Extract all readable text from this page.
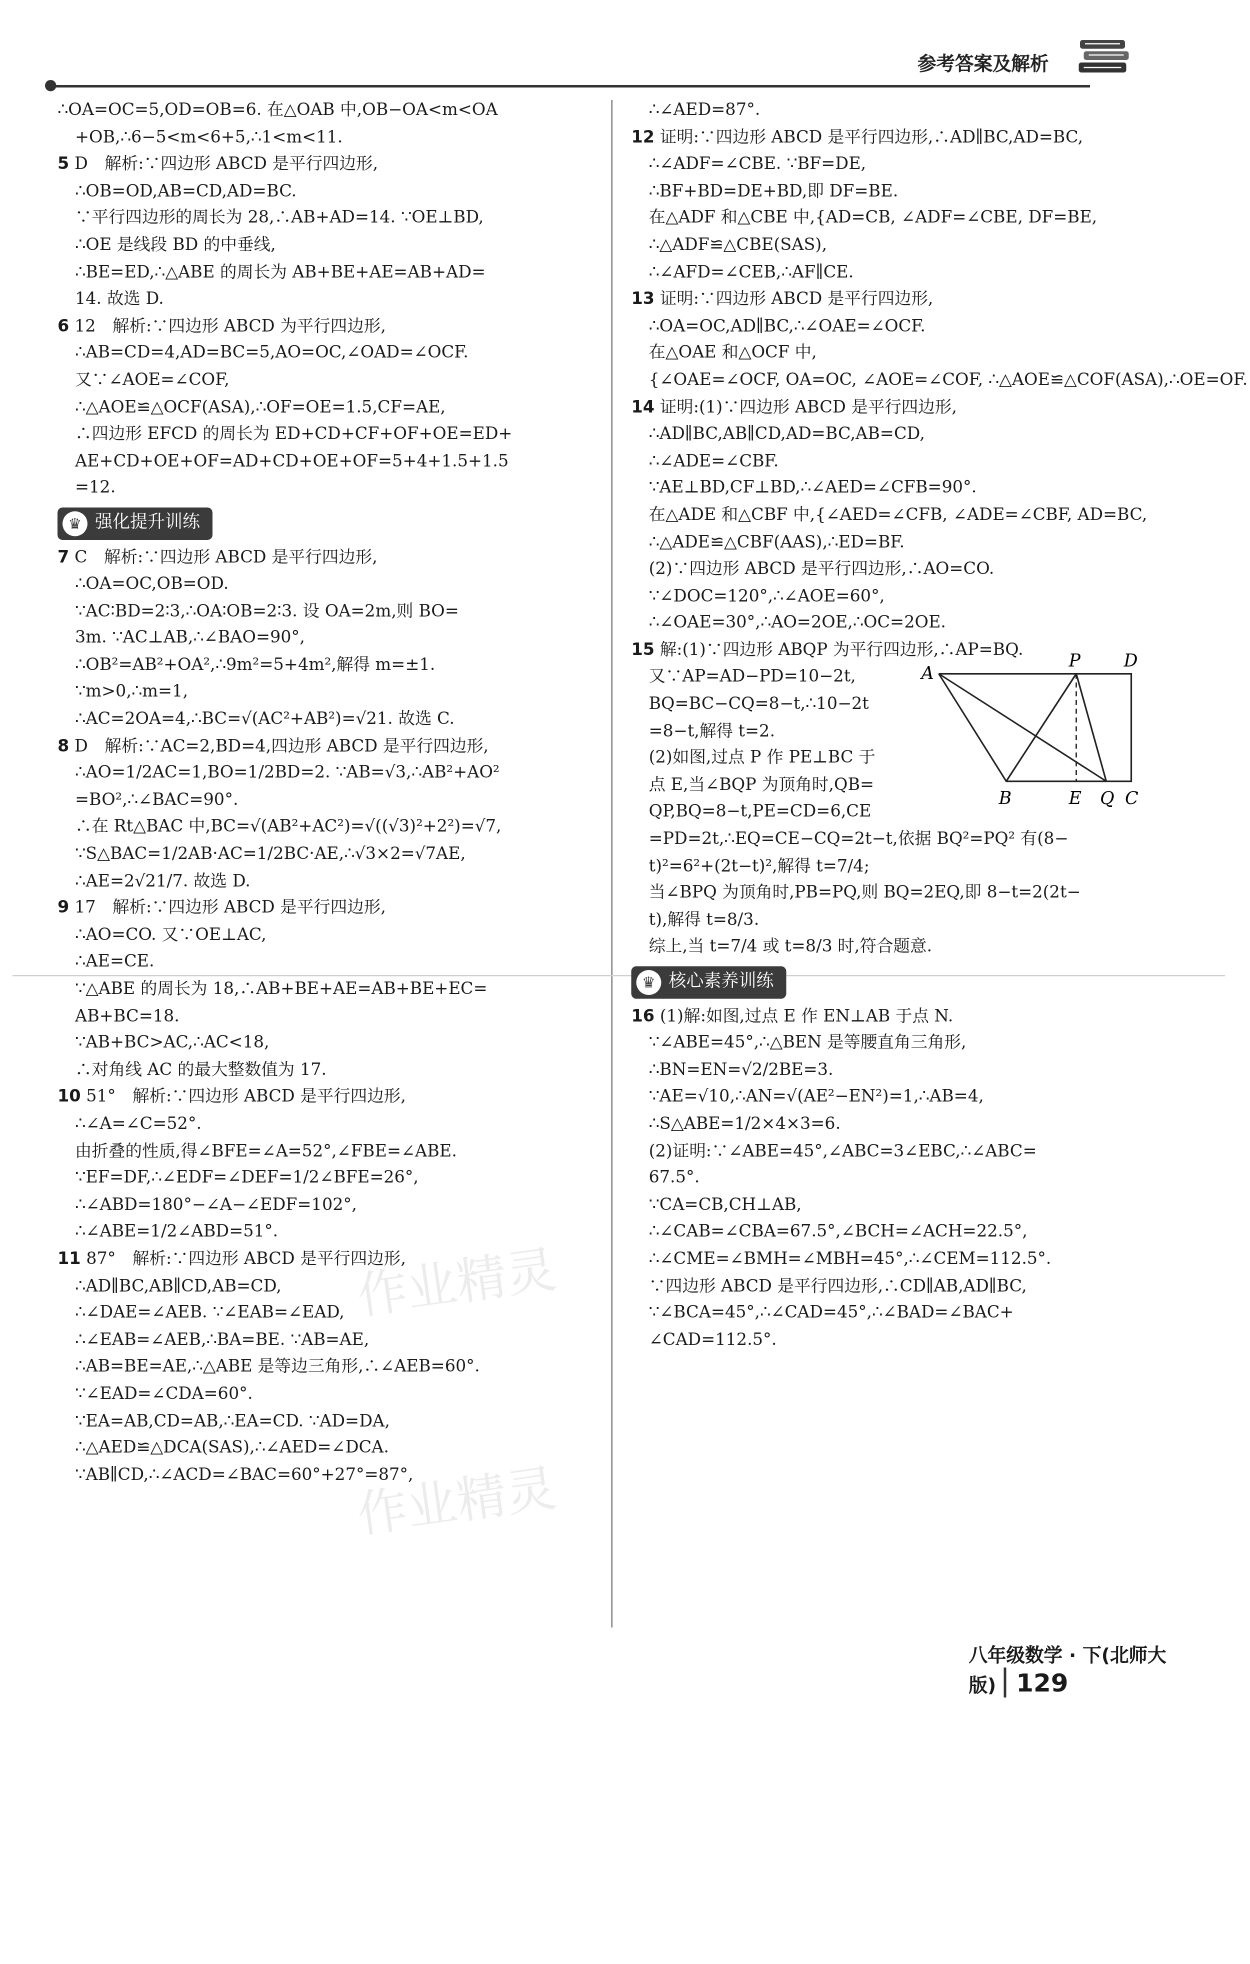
参考答案及解析
作业精灵
作业精灵
∴OA=OC=5,OD=OB=6. 在△OAB 中,OB−OA<m<OA
+OB,∴6−5<m<6+5,∴1<m<11.
5 D　解析:∵四边形 ABCD 是平行四边形,
∴OB=OD,AB=CD,AD=BC.
∵平行四边形的周长为 28,∴AB+AD=14. ∵OE⊥BD,
∴OE 是线段 BD 的中垂线,
∴BE=ED,∴△ABE 的周长为 AB+BE+AE=AB+AD=
14. 故选 D.
6 12　解析:∵四边形 ABCD 为平行四边形,
∴AB=CD=4,AD=BC=5,AO=OC,∠OAD=∠OCF.
又∵∠AOE=∠COF,
∴△AOE≌△OCF(ASA),∴OF=OE=1.5,CF=AE,
∴四边形 EFCD 的周长为 ED+CD+CF+OF+OE=ED+
AE+CD+OE+OF=AD+CD+OE+OF=5+4+1.5+1.5
=12.
♛ 强化提升训练
7 C　解析:∵四边形 ABCD 是平行四边形,
∴OA=OC,OB=OD.
∵AC∶BD=2∶3,∴OA∶OB=2∶3. 设 OA=2m,则 BO=
3m. ∵AC⊥AB,∴∠BAO=90°,
∴OB²=AB²+OA²,∴9m²=5+4m²,解得 m=±1.
∵m>0,∴m=1,
∴AC=2OA=4,∴BC=√(AC²+AB²)=√21. 故选 C.
8 D　解析:∵AC=2,BD=4,四边形 ABCD 是平行四边形,
∴AO=1/2AC=1,BO=1/2BD=2. ∵AB=√3,∴AB²+AO²
=BO²,∴∠BAC=90°.
∴在 Rt△BAC 中,BC=√(AB²+AC²)=√((√3)²+2²)=√7,
∵S△BAC=1/2AB·AC=1/2BC·AE,∴√3×2=√7AE,
∴AE=2√21/7. 故选 D.
9 17　解析:∵四边形 ABCD 是平行四边形,
∴AO=CO. 又∵OE⊥AC,
∴AE=CE.
∵△ABE 的周长为 18,∴AB+BE+AE=AB+BE+EC=
AB+BC=18.
∵AB+BC>AC,∴AC<18,
∴对角线 AC 的最大整数值为 17.
10 51°　解析:∵四边形 ABCD 是平行四边形,
∴∠A=∠C=52°.
由折叠的性质,得∠BFE=∠A=52°,∠FBE=∠ABE.
∵EF=DF,∴∠EDF=∠DEF=1/2∠BFE=26°,
∴∠ABD=180°−∠A−∠EDF=102°,
∴∠ABE=1/2∠ABD=51°.
11 87°　解析:∵四边形 ABCD 是平行四边形,
∴AD∥BC,AB∥CD,AB=CD,
∴∠DAE=∠AEB. ∵∠EAB=∠EAD,
∴∠EAB=∠AEB,∴BA=BE. ∵AB=AE,
∴AB=BE=AE,∴△ABE 是等边三角形,∴∠AEB=60°.
∵∠EAD=∠CDA=60°.
∵EA=AB,CD=AB,∴EA=CD. ∵AD=DA,
∴△AED≌△DCA(SAS),∴∠AED=∠DCA.
∵AB∥CD,∴∠ACD=∠BAC=60°+27°=87°,
∴∠AED=87°.
12 证明:∵四边形 ABCD 是平行四边形,∴AD∥BC,AD=BC,
∴∠ADF=∠CBE. ∵BF=DE,
∴BF+BD=DE+BD,即 DF=BE.
在△ADF 和△CBE 中,{AD=CB, ∠ADF=∠CBE, DF=BE,
∴△ADF≌△CBE(SAS),
∴∠AFD=∠CEB,∴AF∥CE.
13 证明:∵四边形 ABCD 是平行四边形,
∴OA=OC,AD∥BC,∴∠OAE=∠OCF.
在△OAE 和△OCF 中,
{∠OAE=∠OCF, OA=OC, ∠AOE=∠COF, ∴△AOE≌△COF(ASA),∴OE=OF.
14 证明:(1)∵四边形 ABCD 是平行四边形,
∴AD∥BC,AB∥CD,AD=BC,AB=CD,
∴∠ADE=∠CBF.
∵AE⊥BD,CF⊥BD,∴∠AED=∠CFB=90°.
在△ADE 和△CBF 中,{∠AED=∠CFB, ∠ADE=∠CBF, AD=BC,
∴△ADE≌△CBF(AAS),∴ED=BF.
(2)∵四边形 ABCD 是平行四边形,∴AO=CO.
∵∠DOC=120°,∴∠AOE=60°,
∴∠OAE=30°,∴AO=2OE,∴OC=2OE.
15 解:(1)∵四边形 ABQP 为平行四边形,∴AP=BQ.
又∵AP=AD−PD=10−2t,
BQ=BC−CQ=8−t,∴10−2t
=8−t,解得 t=2.
(2)如图,过点 P 作 PE⊥BC 于
点 E,当∠BQP 为顶角时,QB=
QP,BQ=8−t,PE=CD=6,CE
A
P	D
B	E Q C
=PD=2t,∴EQ=CE−CQ=2t−t,依据 BQ²=PQ² 有(8−
t)²=6²+(2t−t)²,解得 t=7/4;
当∠BPQ 为顶角时,PB=PQ,则 BQ=2EQ,即 8−t=2(2t−
t),解得 t=8/3.
综上,当 t=7/4 或 t=8/3 时,符合题意.
♛ 核心素养训练
16 (1)解:如图,过点 E 作 EN⊥AB 于点 N.
∵∠ABE=45°,∴△BEN 是等腰直角三角形,
∴BN=EN=√2/2BE=3.
∵AE=√10,∴AN=√(AE²−EN²)=1,∴AB=4,
∴S△ABE=1/2×4×3=6.
(2)证明:∵∠ABE=45°,∠ABC=3∠EBC,∴∠ABC=
67.5°.
∵CA=CB,CH⊥AB,
∴∠CAB=∠CBA=67.5°,∠BCH=∠ACH=22.5°,
∴∠CME=∠BMH=∠MBH=45°,∴∠CEM=112.5°.
∵四边形 ABCD 是平行四边形,∴CD∥AB,AD∥BC,
∵∠BCA=45°,∴∠CAD=45°,∴∠BAD=∠BAC+
∠CAD=112.5°.
八年级数学 · 下(北师大版) 129
